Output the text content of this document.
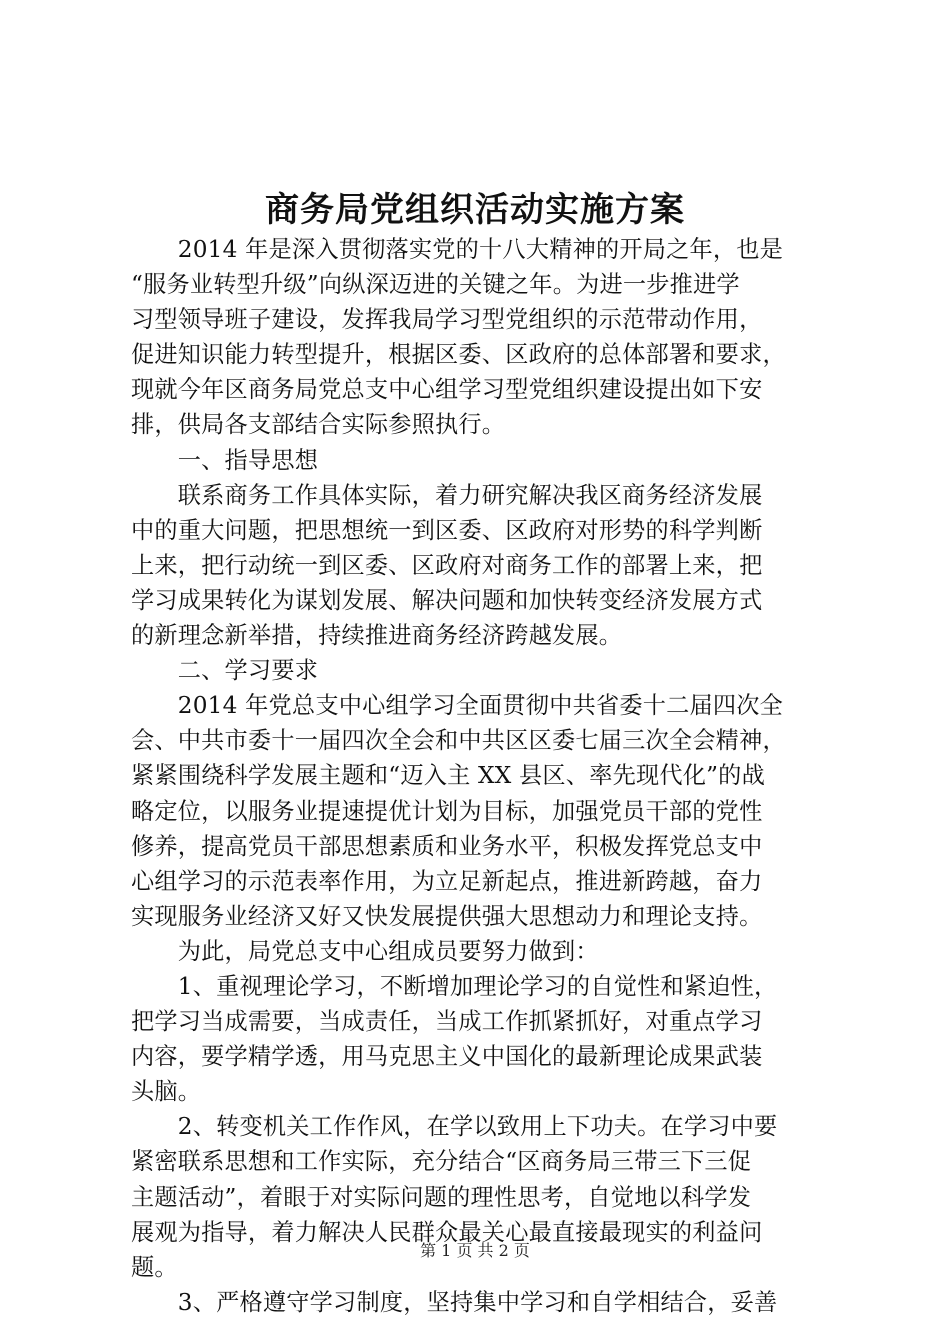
商务局党组织活动实施方案
　　2014 年是深入贯彻落实党的十八大精神的开局之年，也是
“服务业转型升级”向纵深迈进的关键之年。为进一步推进学
习型领导班子建设，发挥我局学习型党组织的示范带动作用，
促进知识能力转型提升，根据区委、区政府的总体部署和要求，
现就今年区商务局党总支中心组学习型党组织建设提出如下安
排，供局各支部结合实际参照执行。
　　一、指导思想
　　联系商务工作具体实际，着力研究解决我区商务经济发展
中的重大问题，把思想统一到区委、区政府对形势的科学判断
上来，把行动统一到区委、区政府对商务工作的部署上来，把
学习成果转化为谋划发展、解决问题和加快转变经济发展方式
的新理念新举措，持续推进商务经济跨越发展。
　　二、学习要求
　　2014 年党总支中心组学习全面贯彻中共省委十二届四次全
会、中共市委十一届四次全会和中共区区委七届三次全会精神，
紧紧围绕科学发展主题和“迈入主 XX 县区、率先现代化”的战
略定位，以服务业提速提优计划为目标，加强党员干部的党性
修养，提高党员干部思想素质和业务水平，积极发挥党总支中
心组学习的示范表率作用，为立足新起点，推进新跨越，奋力
实现服务业经济又好又快发展提供强大思想动力和理论支持。
　　为此，局党总支中心组成员要努力做到：
　　1、重视理论学习，不断增加理论学习的自觉性和紧迫性，
把学习当成需要，当成责任，当成工作抓紧抓好，对重点学习
内容，要学精学透，用马克思主义中国化的最新理论成果武装
头脑。
　　2、转变机关工作作风，在学以致用上下功夫。在学习中要
紧密联系思想和工作实际，充分结合“区商务局三带三下三促
主题活动”，着眼于对实际问题的理性思考，自觉地以科学发
展观为指导，着力解决人民群众最关心最直接最现实的利益问
题。
　　3、严格遵守学习制度，坚持集中学习和自学相结合，妥善
第 1 页 共 2 页
